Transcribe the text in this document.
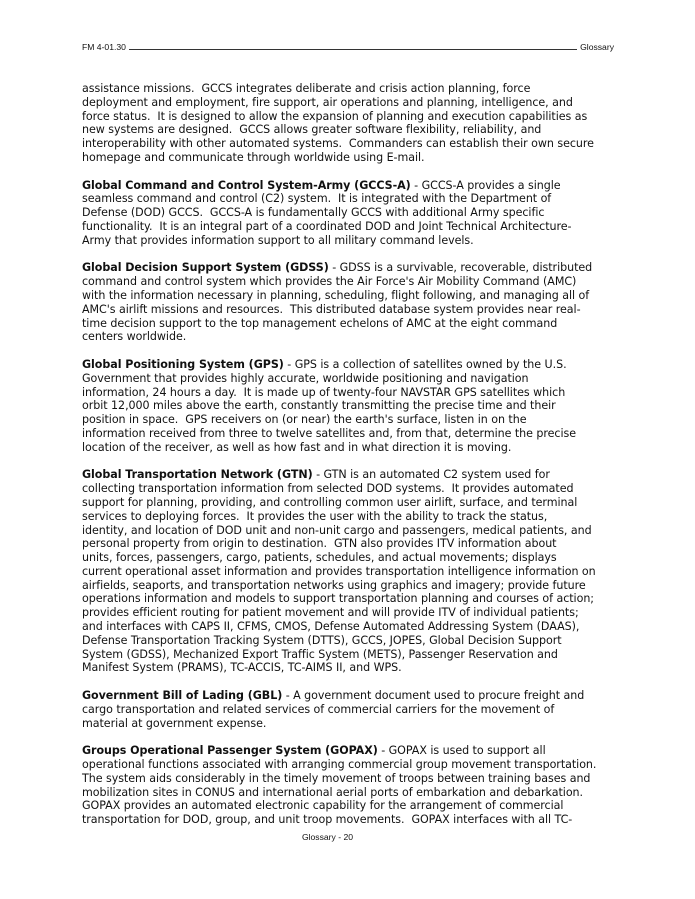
FM 4-01.30	Glossary
assistance missions.  GCCS integrates deliberate and crisis action planning, force
deployment and employment, fire support, air operations and planning, intelligence, and
force status.  It is designed to allow the expansion of planning and execution capabilities as
new systems are designed.  GCCS allows greater software flexibility, reliability, and
interoperability with other automated systems.  Commanders can establish their own secure
homepage and communicate through worldwide using E-mail.
Global Command and Control System-Army (GCCS-A) - GCCS-A provides a single
seamless command and control (C2) system.  It is integrated with the Department of
Defense (DOD) GCCS.  GCCS-A is fundamentally GCCS with additional Army specific
functionality.  It is an integral part of a coordinated DOD and Joint Technical Architecture-
Army that provides information support to all military command levels.
Global Decision Support System (GDSS) - GDSS is a survivable, recoverable, distributed
command and control system which provides the Air Force's Air Mobility Command (AMC)
with the information necessary in planning, scheduling, flight following, and managing all of
AMC's airlift missions and resources.  This distributed database system provides near real-
time decision support to the top management echelons of AMC at the eight command
centers worldwide.
Global Positioning System (GPS) - GPS is a collection of satellites owned by the U.S.
Government that provides highly accurate, worldwide positioning and navigation
information, 24 hours a day.  It is made up of twenty-four NAVSTAR GPS satellites which
orbit 12,000 miles above the earth, constantly transmitting the precise time and their
position in space.  GPS receivers on (or near) the earth's surface, listen in on the
information received from three to twelve satellites and, from that, determine the precise
location of the receiver, as well as how fast and in what direction it is moving.
Global Transportation Network (GTN) - GTN is an automated C2 system used for
collecting transportation information from selected DOD systems.  It provides automated
support for planning, providing, and controlling common user airlift, surface, and terminal
services to deploying forces.  It provides the user with the ability to track the status,
identity, and location of DOD unit and non-unit cargo and passengers, medical patients, and
personal property from origin to destination.  GTN also provides ITV information about
units, forces, passengers, cargo, patients, schedules, and actual movements; displays
current operational asset information and provides transportation intelligence information on
airfields, seaports, and transportation networks using graphics and imagery; provide future
operations information and models to support transportation planning and courses of action;
provides efficient routing for patient movement and will provide ITV of individual patients;
and interfaces with CAPS II, CFMS, CMOS, Defense Automated Addressing System (DAAS),
Defense Transportation Tracking System (DTTS), GCCS, JOPES, Global Decision Support
System (GDSS), Mechanized Export Traffic System (METS), Passenger Reservation and
Manifest System (PRAMS), TC-ACCIS, TC-AIMS II, and WPS.
Government Bill of Lading (GBL) - A government document used to procure freight and
cargo transportation and related services of commercial carriers for the movement of
material at government expense.
Groups Operational Passenger System (GOPAX) - GOPAX is used to support all
operational functions associated with arranging commercial group movement transportation.
The system aids considerably in the timely movement of troops between training bases and
mobilization sites in CONUS and international aerial ports of embarkation and debarkation.
GOPAX provides an automated electronic capability for the arrangement of commercial
transportation for DOD, group, and unit troop movements.  GOPAX interfaces with all TC-
Glossary - 20
